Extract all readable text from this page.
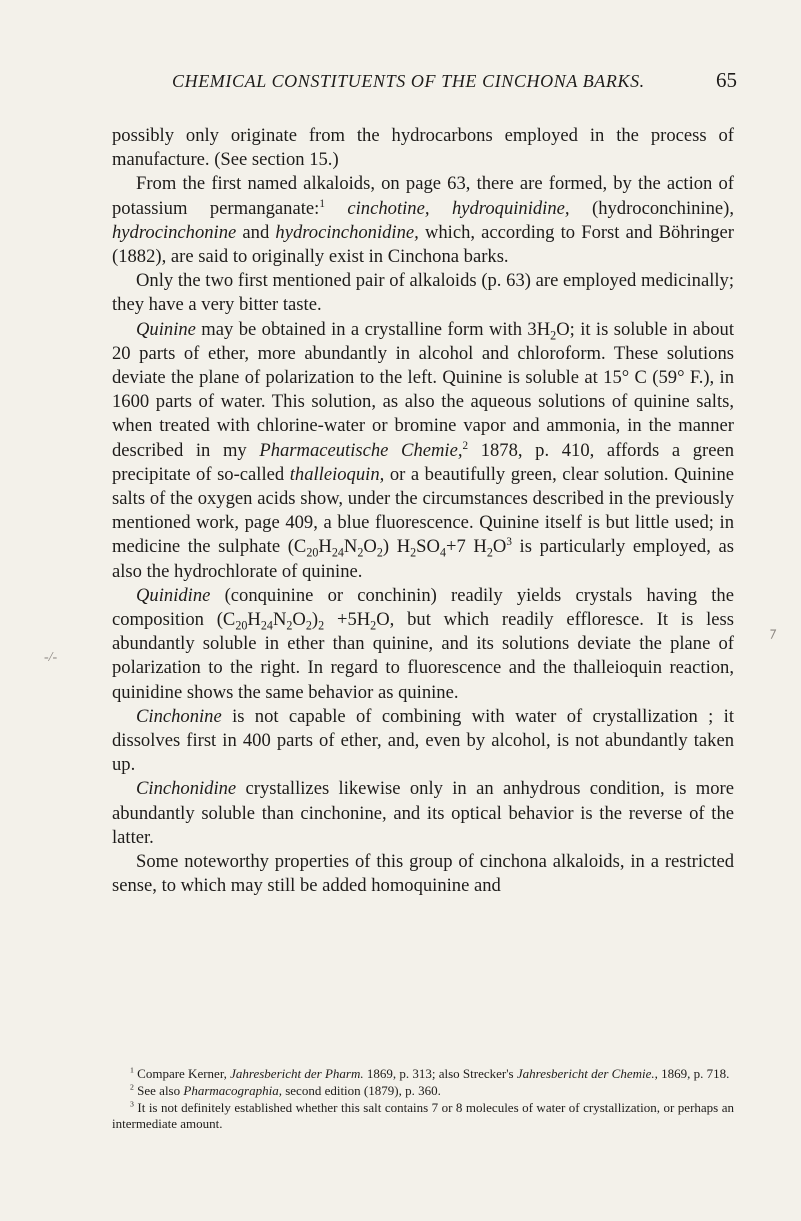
CHEMICAL CONSTITUENTS OF THE CINCHONA BARKS.	65
-/-
⁊

possibly only originate from the hydrocarbons employed in the process of manufacture. (See section 15.)

From the first named alkaloids, on page 63, there are formed, by the action of potassium permanganate:$^1$ cinchotine, hydroquinidine, (hydroconchinine), hydrocinchonine and hydrocinchonidine, which, according to Forst and Böhringer (1882), are said to originally exist in Cinchona barks.

Only the two first mentioned pair of alkaloids (p. 63) are employed medicinally; they have a very bitter taste.

Quinine may be obtained in a crystalline form with $3H_2O$; it is soluble in about 20 parts of ether, more abundantly in alcohol and chloroform. These solutions deviate the plane of polarization to the left. Quinine is soluble at 15° C (59° F.), in 1600 parts of water. This solution, as also the aqueous solutions of quinine salts, when treated with chlorine-water or bromine vapor and ammonia, in the manner described in my Pharmaceutische Chemie,$^2$ 1878, p. 410, affords a green precipitate of so-called thalleioquin, or a beautifully green, clear solution. Quinine salts of the oxygen acids show, under the circumstances described in the previously mentioned work, page 409, a blue fluorescence. Quinine itself is but little used; in medicine the sulphate $(C_{20}H_{24}N_2O_2)$ $H_2SO_4+7$ $H_2O^3$ is particularly employed, as also the hydrochlorate of quinine.

Quinidine (conquinine or conchinin) readily yields crystals having the composition $(C_{20}H_{24}N_2O_2)_2 +5H_2O$, but which readily effloresce. It is less abundantly soluble in ether than quinine, and its solutions deviate the plane of polarization to the right. In regard to fluorescence and the thalleioquin reaction, quinidine shows the same behavior as quinine.

Cinchonine is not capable of combining with water of crystallization ; it dissolves first in 400 parts of ether, and, even by alcohol, is not abundantly taken up.

Cinchonidine crystallizes likewise only in an anhydrous condition, is more abundantly soluble than cinchonine, and its optical behavior is the reverse of the latter.

Some noteworthy properties of this group of cinchona alkaloids, in a restricted sense, to which may still be added homoquinine and

$^1$ Compare Kerner, Jahresbericht der Pharm. 1869, p. 313; also Strecker's Jahresbericht der Chemie., 1869, p. 718.

$^2$ See also Pharmacographia, second edition (1879), p. 360.

$^3$ It is not definitely established whether this salt contains 7 or 8 molecules of water of crystallization, or perhaps an intermediate amount.
